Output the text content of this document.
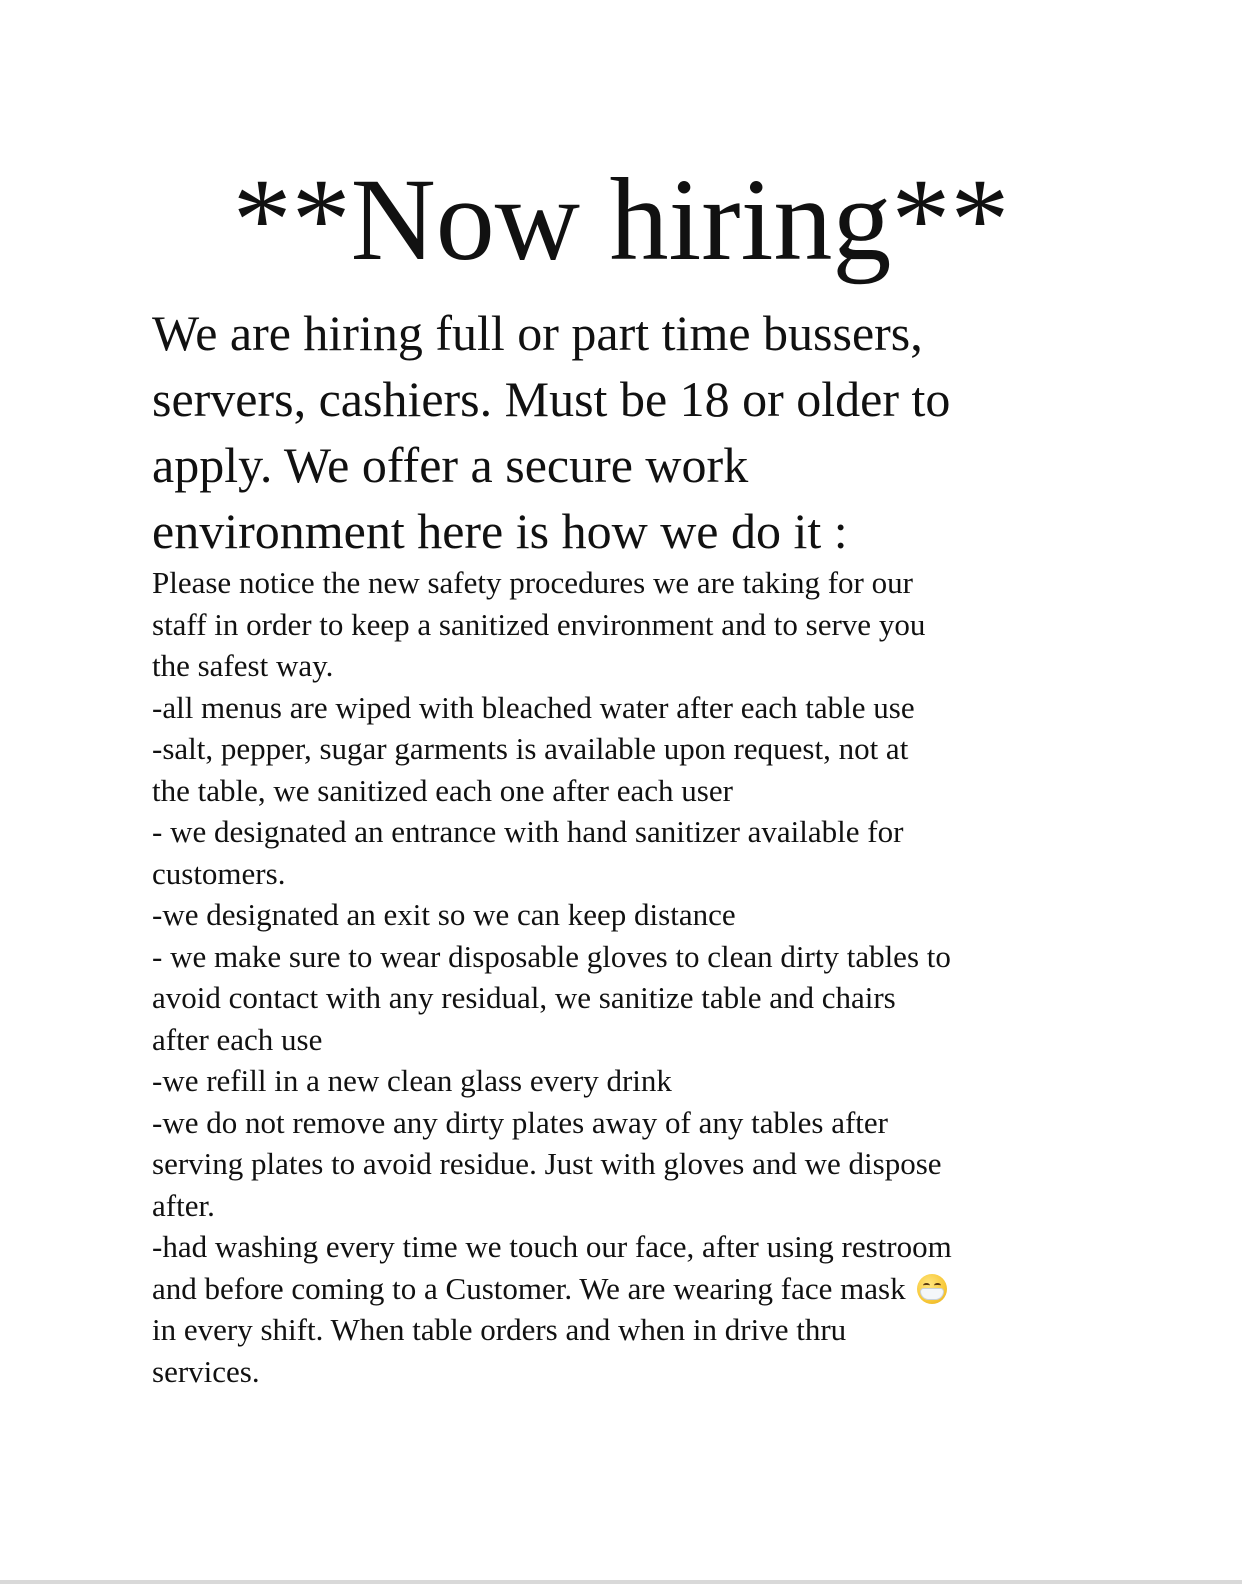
**Now hiring**
We are hiring full or part time bussers,
servers, cashiers. Must be 18 or older to
apply. We offer a secure work
environment here is how we do it :
Please notice the new safety procedures we are taking for our
staff in order to keep a sanitized environment and to serve you
the safest way.
-all menus are wiped with bleached water after each table use
-salt, pepper, sugar garments is available upon request, not at
the table, we sanitized each one after each user
- we designated an entrance with hand sanitizer available for
customers.
-we designated an exit so we can keep distance
- we make sure to wear disposable gloves to clean dirty tables to
avoid contact with any residual, we sanitize table and chairs
after each use
-we refill in a new clean glass every drink
-we do not remove any dirty plates away of any tables after
serving plates to avoid residue. Just with gloves and we dispose
after.
-had washing every time we touch our face, after using restroom
and before coming to a Customer. We are wearing face mask
in every shift. When table orders and when in drive thru
services.
